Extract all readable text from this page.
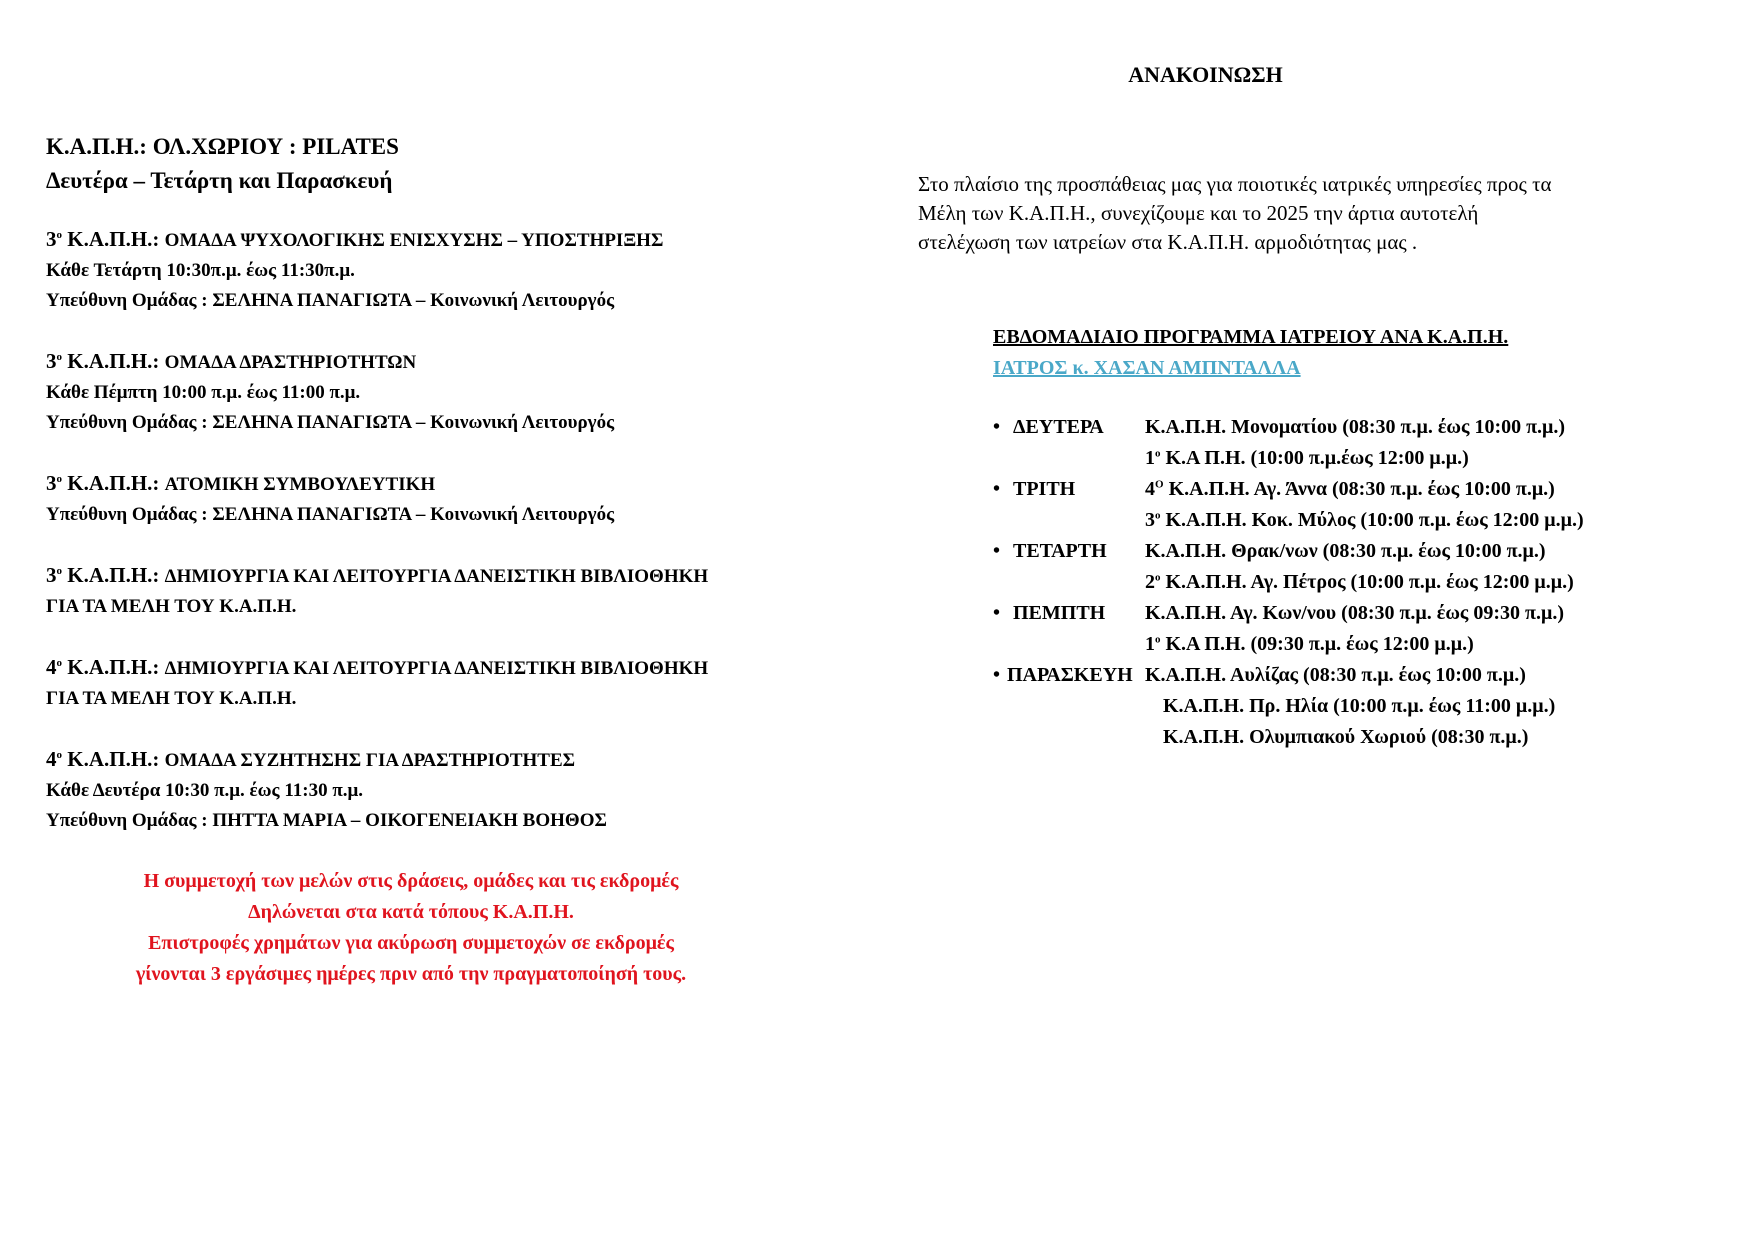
Κ.Α.Π.Η.: ΟΛ.ΧΩΡΙΟΥ : PILATES

Δευτέρα – Τετάρτη και Παρασκευή

$3^o$ Κ.Α.Π.Η.: ΟΜΑΔΑ ΨΥΧΟΛΟΓΙΚΗΣ ΕΝΙΣΧΥΣΗΣ – ΥΠΟΣΤΗΡΙΞΗΣ
Κάθε Τετάρτη 10:30π.μ. έως 11:30π.μ.
Υπεύθυνη Ομάδας : ΣΕΛΗΝΑ ΠΑΝΑΓΙΩΤΑ – Κοινωνική Λειτουργός
$3^o$ Κ.Α.Π.Η.: ΟΜΑΔΑ ΔΡΑΣΤΗΡΙΟΤΗΤΩΝ
Κάθε Πέμπτη 10:00 π.μ. έως 11:00 π.μ.
Υπεύθυνη Ομάδας : ΣΕΛΗΝΑ ΠΑΝΑΓΙΩΤΑ – Κοινωνική Λειτουργός
$3^o$ Κ.Α.Π.Η.: ΑΤΟΜΙΚΗ ΣΥΜΒΟΥΛΕΥΤΙΚΗ
Υπεύθυνη Ομάδας : ΣΕΛΗΝΑ ΠΑΝΑΓΙΩΤΑ – Κοινωνική Λειτουργός
$3^o$ Κ.Α.Π.Η.: ΔΗΜΙΟΥΡΓΙΑ ΚΑΙ ΛΕΙΤΟΥΡΓΙΑ ΔΑΝΕΙΣΤΙΚΗ ΒΙΒΛΙΟΘΗΚΗ
ΓΙΑ ΤΑ ΜΕΛΗ ΤΟΥ Κ.Α.Π.Η.
$4^o$ Κ.Α.Π.Η.: ΔΗΜΙΟΥΡΓΙΑ ΚΑΙ ΛΕΙΤΟΥΡΓΙΑ ΔΑΝΕΙΣΤΙΚΗ ΒΙΒΛΙΟΘΗΚΗ
ΓΙΑ ΤΑ ΜΕΛΗ ΤΟΥ Κ.Α.Π.Η.
$4^o$ Κ.Α.Π.Η.: ΟΜΑΔΑ ΣΥΖΗΤΗΣΗΣ ΓΙΑ ΔΡΑΣΤΗΡΙΟΤΗΤΕΣ
Κάθε Δευτέρα 10:30 π.μ. έως 11:30 π.μ.
Υπεύθυνη Ομάδας : ΠΗΤΤΑ ΜΑΡΙΑ – ΟΙΚΟΓΕΝΕΙΑΚΗ ΒΟΗΘΟΣ
Η συμμετοχή των μελών στις δράσεις, ομάδες και τις εκδρομές
Δηλώνεται στα κατά τόπους Κ.Α.Π.Η.
Επιστροφές χρημάτων για ακύρωση συμμετοχών σε εκδρομές
γίνονται 3 εργάσιμες ημέρες πριν από την πραγματοποίησή τους.
ΑΝΑΚΟΙΝΩΣΗ
Στο πλαίσιο της προσπάθειας μας για ποιοτικές ιατρικές υπηρεσίες προς τα
Μέλη των Κ.Α.Π.Η., συνεχίζουμε και το 2025 την άρτια αυτοτελή
στελέχωση των ιατρείων στα Κ.Α.Π.Η. αρμοδιότητας μας .
ΕΒΔΟΜΑΔΙΑΙΟ ΠΡΟΓΡΑΜΜΑ ΙΑΤΡΕΙΟΥ ΑΝΑ Κ.Α.Π.Η.
ΙΑΤΡΟΣ κ. ΧΑΣΑΝ ΑΜΠΝΤΑΛΛΑ
• ΔΕΥΤΕΡΑ	Κ.Α.Π.Η. Μονοματίου (08:30 π.μ. έως 10:00 π.μ.)
$1^o$ Κ.Α Π.Η. (10:00 π.μ.έως 12:00 μ.μ.)
• ΤΡΙΤΗ	$4^O$ Κ.Α.Π.Η. Αγ. Άννα (08:30 π.μ. έως 10:00 π.μ.)
$3^o$ Κ.Α.Π.Η. Κοκ. Μύλος (10:00 π.μ. έως 12:00 μ.μ.)
• ΤΕΤΑΡΤΗ	Κ.Α.Π.Η. Θρακ/νων (08:30 π.μ. έως 10:00 π.μ.)
$2^o$ Κ.Α.Π.Η. Αγ. Πέτρος (10:00 π.μ. έως 12:00 μ.μ.)
• ΠΕΜΠΤΗ	Κ.Α.Π.Η. Αγ. Κων/νου (08:30 π.μ. έως 09:30 π.μ.)
$1^o$ Κ.Α Π.Η. (09:30 π.μ. έως 12:00 μ.μ.)
• ΠΑΡΑΣΚΕΥΗ Κ.Α.Π.Η. Αυλίζας (08:30 π.μ. έως 10:00 π.μ.)
Κ.Α.Π.Η. Πρ. Ηλία (10:00 π.μ. έως 11:00 μ.μ.)
Κ.Α.Π.Η. Ολυμπιακού Χωριού (08:30 π.μ.)
